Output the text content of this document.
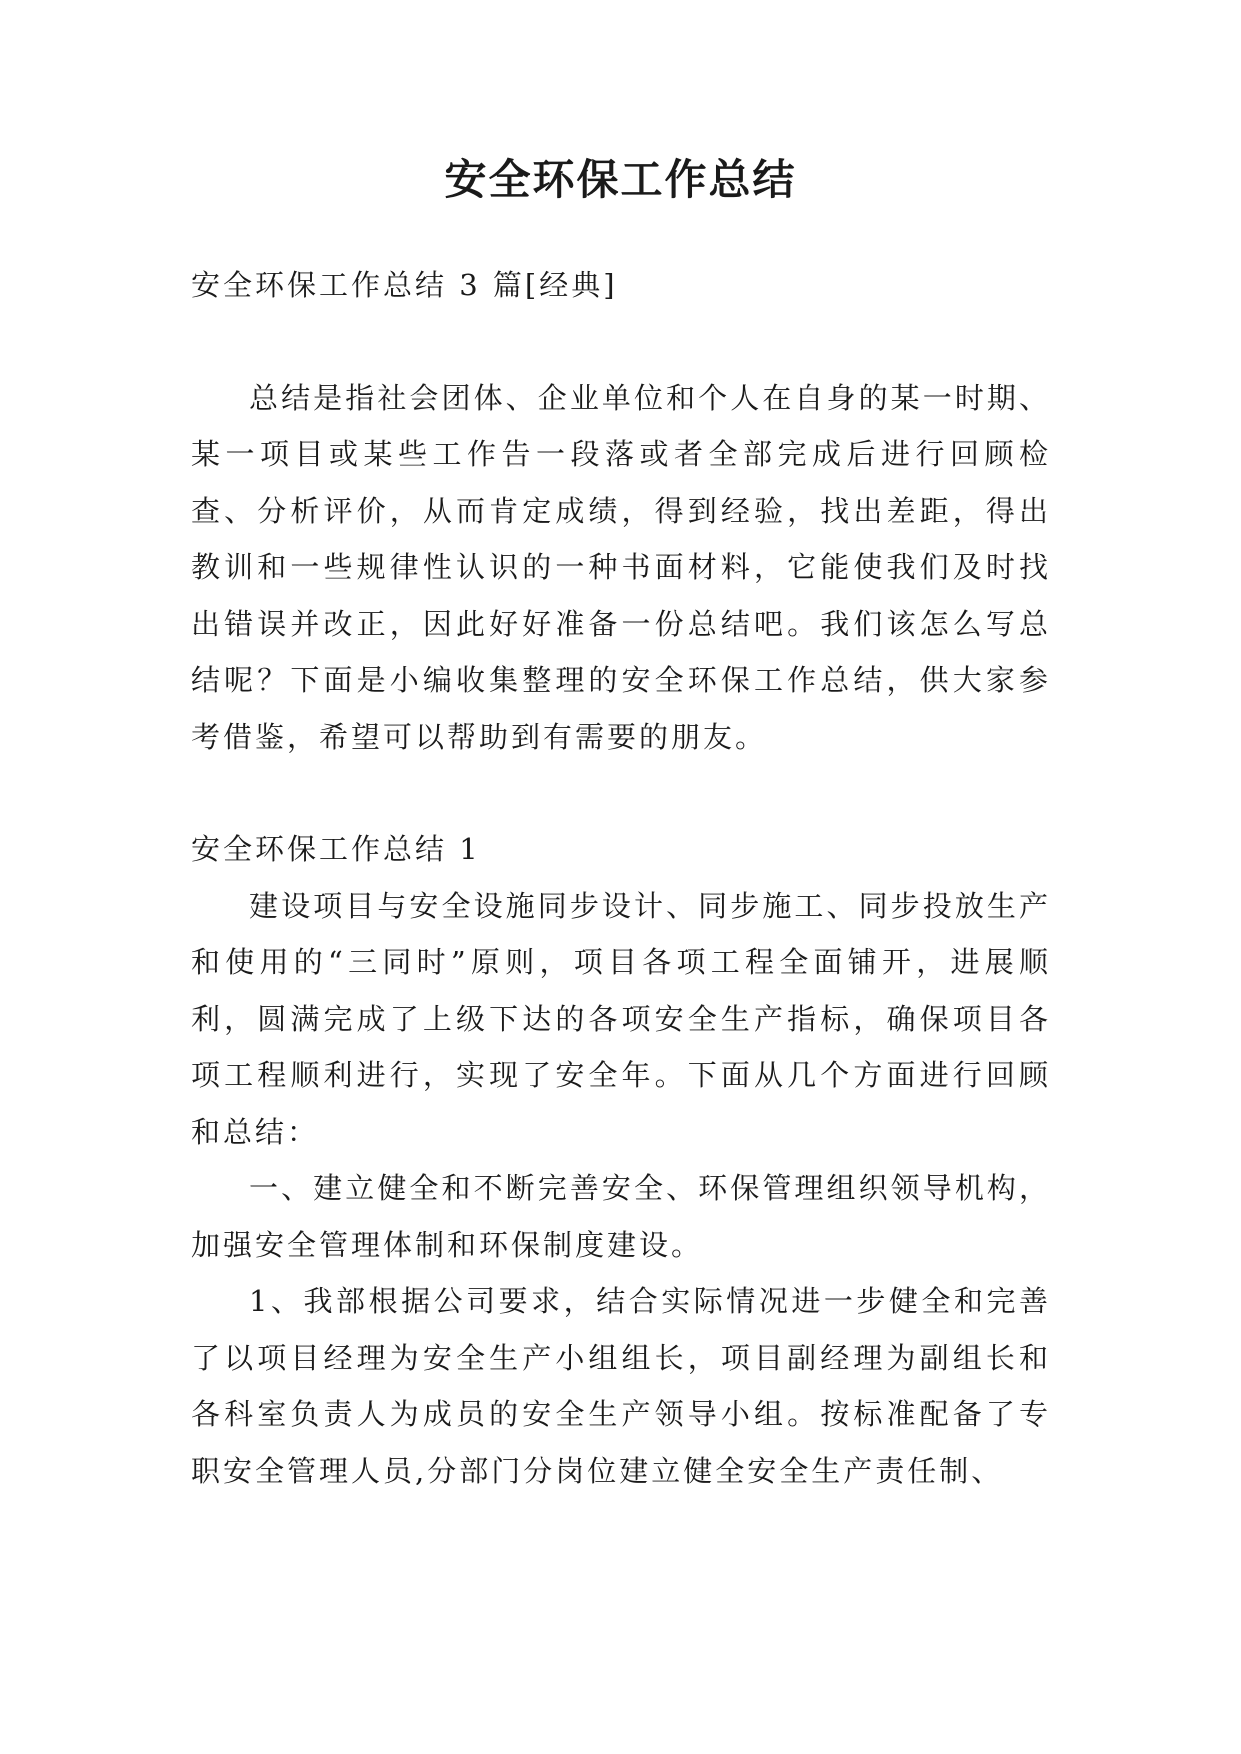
安全环保工作总结

安全环保工作总结 3 篇[经典]

总结是指社会团体、企业单位和个人在自身的某一时期、某一项目或某些工作告一段落或者全部完成后进行回顾检查、分析评价，从而肯定成绩，得到经验，找出差距，得出教训和一些规律性认识的一种书面材料，它能使我们及时找出错误并改正，因此好好准备一份总结吧。我们该怎么写总结呢？下面是小编收集整理的安全环保工作总结，供大家参考借鉴，希望可以帮助到有需要的朋友。

安全环保工作总结 1

建设项目与安全设施同步设计、同步施工、同步投放生产和使用的“三同时”原则，项目各项工程全面铺开，进展顺利，圆满完成了上级下达的各项安全生产指标，确保项目各项工程顺利进行，实现了安全年。下面从几个方面进行回顾和总结：

一、建立健全和不断完善安全、环保管理组织领导机构，加强安全管理体制和环保制度建设。

1、我部根据公司要求，结合实际情况进一步健全和完善了以项目经理为安全生产小组组长，项目副经理为副组长和各科室负责人为成员的安全生产领导小组。按标准配备了专职安全管理人员,分部门分岗位建立健全安全生产责任制、
